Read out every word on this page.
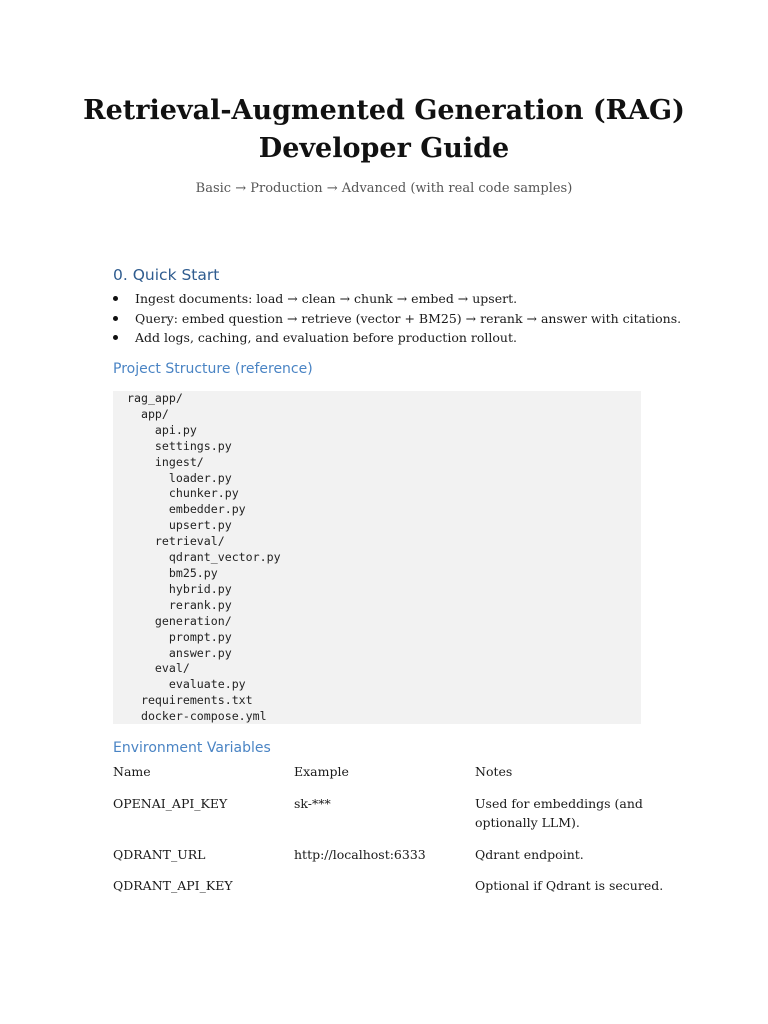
Retrieval-Augmented Generation (RAG)
Developer Guide
Basic → Production → Advanced (with real code samples)
0. Quick Start
Ingest documents: load → clean → chunk → embed → upsert.
Query: embed question → retrieve (vector + BM25) → rerank → answer with citations.
Add logs, caching, and evaluation before production rollout.
Project Structure (reference)
rag_app/
app/
api.py
settings.py
ingest/
loader.py
chunker.py
embedder.py
upsert.py
retrieval/
qdrant_vector.py
bm25.py
hybrid.py
rerank.py
generation/
prompt.py
answer.py
eval/
evaluate.py
requirements.txt
docker-compose.yml
Environment Variables
Name	Example	Notes
OPENAI_API_KEY	sk-***	Used for embeddings (and optionally LLM).
QDRANT_URL	http://localhost:6333	Qdrant endpoint.
QDRANT_API_KEY		Optional if Qdrant is secured.
